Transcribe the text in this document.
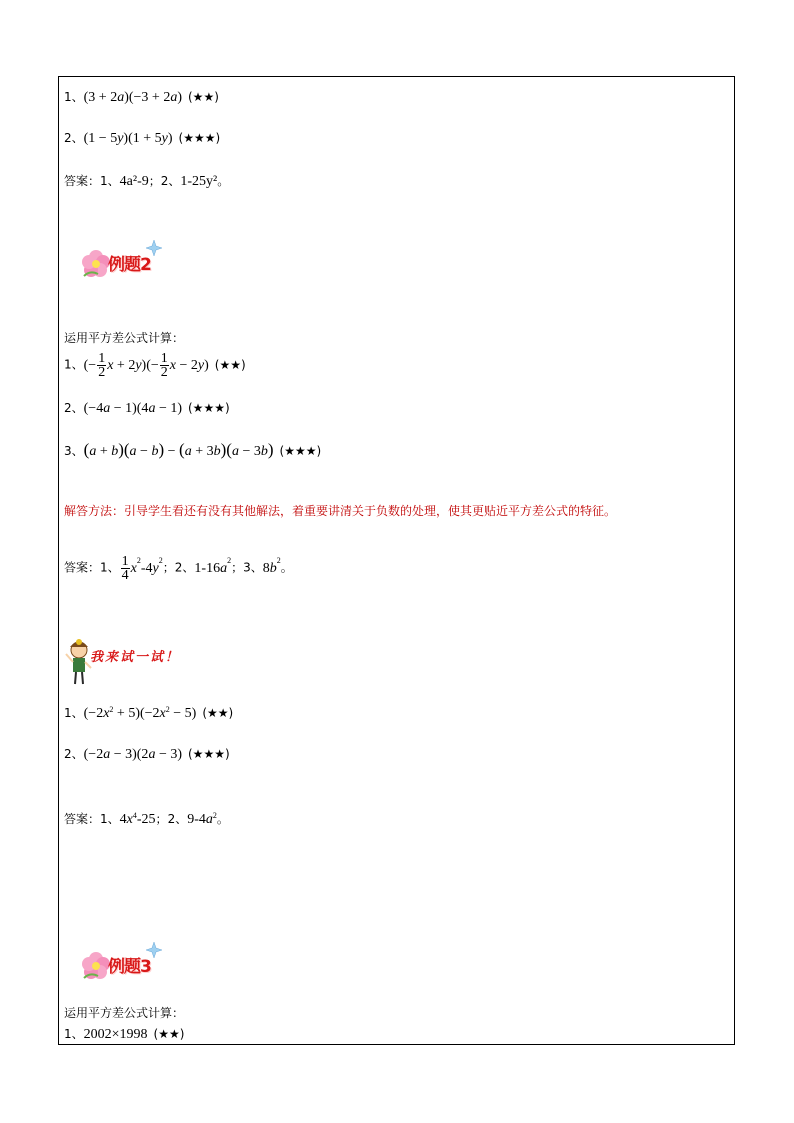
1、(3 + 2a)(−3 + 2a) (★★)
2、(1 − 5y)(1 + 5y) (★★★)
答案：1、4a²-9；2、1-25y²。
例题2
运用平方差公式计算：
1、(− $\frac{1}{2}$ $x + 2y)(- \frac{1}{2}$ x − 2y) (★★)
2、(−4a − 1)(4a − 1) (★★★)
3、(a + b)(a − b) − (a + 3b)(a − 3b) (★★★)
解答方法：引导学生看还有没有其他解法，着重要讲清关于负数的处理，使其更贴近平方差公式的特征。
答案：1、 $\frac{1}{4} x^2-4y^2$；2、$1-16a^2$；3、$8b^2$。
我来试一试！
1、$(-2x^2 + 5)(-2x^2 - 5)$ (★★)
2、(−2a − 3)(2a − 3) (★★★)
答案：1、$4x^4-25$；2、$9-4a^2$。
例题3
运用平方差公式计算：
1、2002×1998 (★★)
